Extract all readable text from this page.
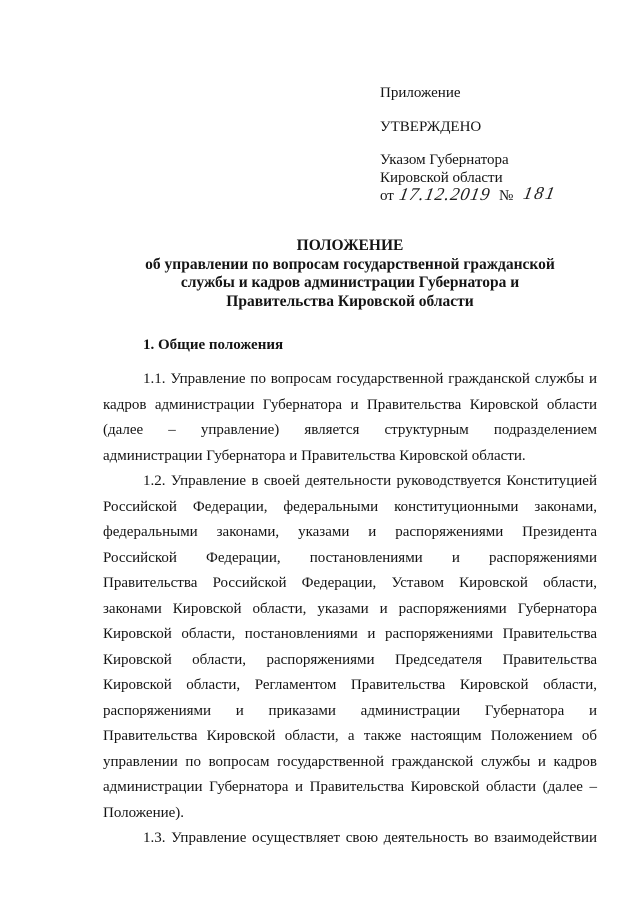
Приложение
УТВЕРЖДЕНО
Указом Губернатора
Кировской области
от 17.12.2019 № 181
ПОЛОЖЕНИЕ
об управлении по вопросам государственной гражданской
службы и кадров администрации Губернатора и
Правительства Кировской области
1. Общие положения
1.1. Управление по вопросам государственной гражданской службы и
кадров администрации Губернатора и Правительства Кировской области
(далее – управление) является структурным подразделением
администрации Губернатора и Правительства Кировской области.
1.2. Управление в своей деятельности руководствуется Конституцией
Российской Федерации, федеральными конституционными законами,
федеральными законами, указами и распоряжениями Президента
Российской Федерации, постановлениями и распоряжениями
Правительства Российской Федерации, Уставом Кировской области,
законами Кировской области, указами и распоряжениями Губернатора
Кировской области, постановлениями и распоряжениями Правительства
Кировской области, распоряжениями Председателя Правительства
Кировской области, Регламентом Правительства Кировской области,
распоряжениями и приказами администрации Губернатора и
Правительства Кировской области, а также настоящим Положением об
управлении по вопросам государственной гражданской службы и кадров
администрации Губернатора и Правительства Кировской области (далее –
Положение).
1.3. Управление осуществляет свою деятельность во взаимодействии
